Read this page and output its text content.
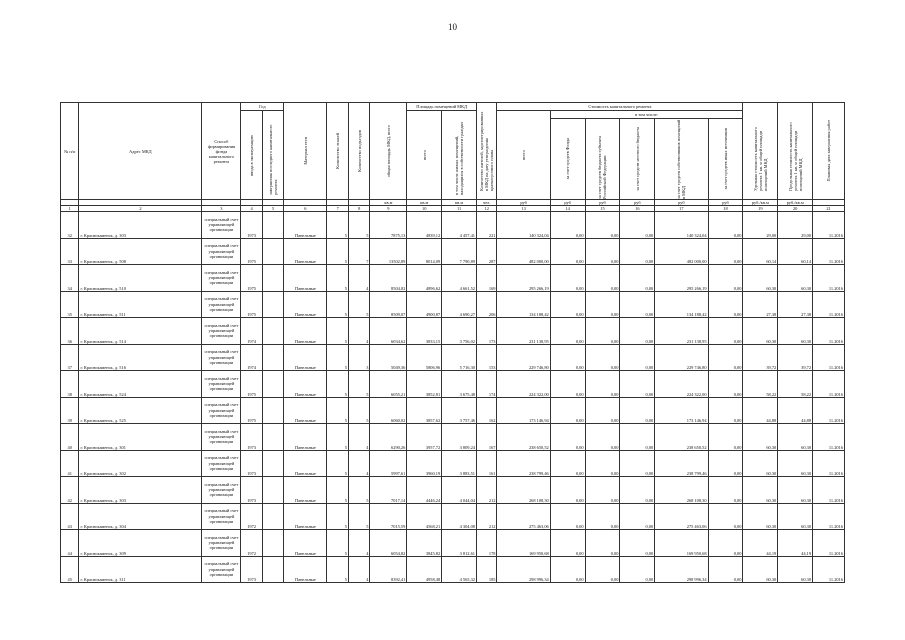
10
№ п/п	Адрес МКД	Способ формирования фонда капитального ремонта	Год		Материал стен	Количество этажей	Количество подъездов	общая площадь МКД, всего	Площадь помещений МКД		Количество жителей, зарегистрированных в МКД на дату утверждения краткосрочного плана	Стоимость капитального ремонта						Удельная стоимость капитального ремонта 1 кв. м общей площади помещений МКД	Предельная стоимость капитального ремонта 1 кв. м общей площади помещений МКД	Плановая дата завершения работ

			ввода в эксплуатацию	завершения последнего капитального ремонта					всего	в том числе жилых помещений, находящихся в собственности граждан		всего	в том числе:							

													за счет средств Фонда	за счет средств бюджета субъекта Российской Федерации	за счет средств местного бюджета	за счет средств собственников помещений в МКД	за счет средств иных источников			

								кв.м	кв.м	кв.м	чел.	руб	руб	руб	руб	руб	руб	руб./кв.м	руб./кв.м	
1	2	3	4	5	6	7	8	9	10	11	12	13	14	15	16	17	18	19	20	21
32	г. Краснокаменск, д. 303	специальный счет управляющей организации	1973		Панельные	5	5	7875,13	4839,12	4 457,41	221	140 324,04	0,00	0,00	0,00	140 324,04	0,00	29,00	29,00	11.2016
33	г. Краснокаменск, д. 508	специальный счет управляющей организации	1975		Панельные	5	7	13502,89	8014,09	7 790,89	287	482 000,00	0,00	0,00	0,00	482 000,00	0,00	60,14	60,14	11.2016
34	г. Краснокаменск, д. 510	специальный счет управляющей организации	1975		Панельные	5	4	8504,82	4896,62	4 661,52	169	295 266,19	0,00	0,00	0,00	295 266,19	0,00	60,30	60,30	11.2016
35	г. Краснокаменск, д. 511	специальный счет управляющей организации	1975		Панельные	5	5	8509,07	4900,87	4 690,27	206	134 188,42	0,00	0,00	0,00	134 188,42	0,00	27,38	27,38	11.2016
36	г. Краснокаменск, д. 514	специальный счет управляющей организации	1974		Панельные	5	4	6034,62	3833,15	3 756,02	173	231 138,95	0,00	0,00	0,00	231 138,95	0,00	60,30	60,30	11.2016
37	г. Краснокаменск, д. 516	специальный счет управляющей организации	1974		Панельные	5	3	5049,36	5806,96	5 716,30	153	229 746,80	0,00	0,00	0,00	229 746,80	0,00	39,72	39,72	11.2016
38	г. Краснокаменск, д. 524	специальный счет управляющей организации	1975		Панельные	5	5	6055,21	3852,81	3 675,48	174	224 322,00	0,00	0,00	0,00	224 322,00	0,00	58,22	58,22	11.2016
39	г. Краснокаменск, д. 525	специальный счет управляющей организации	1975		Панельные	5	5	6060,02	3857,62	3 757,46	162	173 146,94	0,00	0,00	0,00	173 146,94	0,00	44,88	44,88	11.2016
40	г. Краснокаменск, д. 301	специальный счет управляющей организации	1973		Панельные	5	4	6290,26	3957,72	3 809,24	167	238 650,52	0,00	0,00	0,00	238 650,52	0,00	60,30	60,30	11.2016
41	г. Краснокаменск, д. 302	специальный счет управляющей организации	1973		Панельные	5	4	5997,61	3960,19	3 883,51	161	238 799,46	0,00	0,00	0,00	238 799,46	0,00	60,30	60,30	11.2016
42	г. Краснокаменск, д. 303	специальный счет управляющей организации	1973		Панельные	5	5	7017,14	4446,24	4 044,04	212	268 108,30	0,00	0,00	0,00	268 108,30	0,00	60,30	60,30	11.2016
43	г. Краснокаменск, д. 304	специальный счет управляющей организации	1972		Панельные	5	5	7015,59	4568,21	4 304,08	212	275 463,06	0,00	0,00	0,00	275 463,06	0,00	60,30	60,30	11.2016
44	г. Краснокаменск, д. 309	специальный счет управляющей организации	1972		Панельные	5	4	6054,82	3845,82	3 812,61	178	169 950,68	0,00	0,00	0,00	169 950,68	0,00	44,19	44,19	11.2016
45	г. Краснокаменск, д. 311	специальный счет управляющей организации	1973		Панельные	5	4	8392,41	4958,48	4 565,32	185	298 996,34	0,00	0,00	0,00	298 996,34	0,00	60,30	60,30	11.2016
